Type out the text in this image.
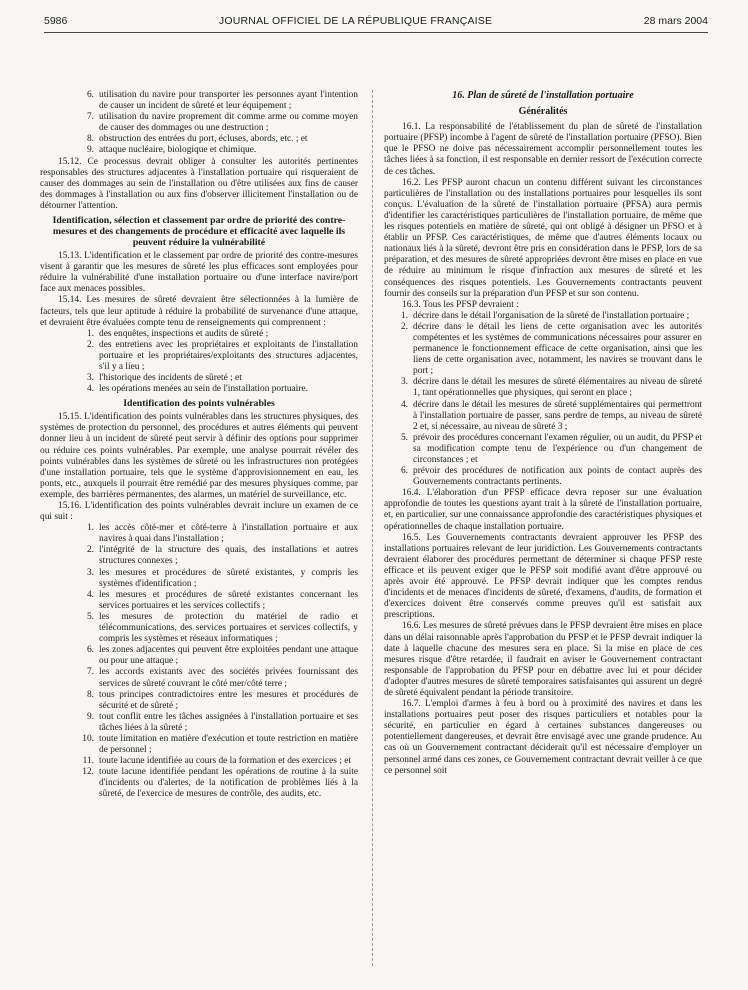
5986	JOURNAL OFFICIEL DE LA RÉPUBLIQUE FRANÇAISE	28 mars 2004
6. utilisation du navire pour transporter les personnes ayant l'intention de causer un incident de sûreté et leur équipement ;
7. utilisation du navire proprement dit comme arme ou comme moyen de causer des dommages ou une destruction ;
8. obstruction des entrées du port, écluses, abords, etc. ; et
9. attaque nucléaire, biologique et chimique.

15.12. Ce processus devrait obliger à consulter les autorités pertinentes responsables des structures adjacentes à l'installation portuaire qui risqueraient de causer des dommages au sein de l'installation ou d'être utilisées aux fins de causer des dommages à l'installation ou aux fins d'observer illicitement l'installation ou de détourner l'attention.

Identification, sélection et classement par ordre de priorité des contre-mesures et des changements de procédure et efficacité avec laquelle ils peuvent réduire la vulnérabilité

15.13. L'identification et le classement par ordre de priorité des contre-mesures visent à garantir que les mesures de sûreté les plus efficaces sont employées pour réduire la vulnérabilité d'une installation portuaire ou d'une interface navire/port face aux menaces possibles.

15.14. Les mesures de sûreté devraient être sélectionnées à la lumière de facteurs, tels que leur aptitude à réduire la probabilité de survenance d'une attaque, et devraient être évaluées compte tenu de renseignements qui comprennent :

1. des enquêtes, inspections et audits de sûreté ;
2. des entretiens avec les propriétaires et exploitants de l'installation portuaire et les propriétaires/exploitants des structures adjacentes, s'il y a lieu ;
3. l'historique des incidents de sûreté ; et
4. les opérations menées au sein de l'installation portuaire.
Identification des points vulnérables

15.15. L'identification des points vulnérables dans les structures physiques, des systèmes de protection du personnel, des procédures et autres éléments qui peuvent donner lieu à un incident de sûreté peut servir à définir des options pour supprimer ou réduire ces points vulnérables. Par exemple, une analyse pourrait révéler des points vulnérables dans les systèmes de sûreté ou les infrastructures non protégées d'une installation portuaire, tels que le système d'approvisionnement en eau, les ponts, etc., auxquels il pourrait être remédié par des mesures physiques comme, par exemple, des barrières permanentes, des alarmes, un matériel de surveillance, etc.

15.16. L'identification des points vulnérables devrait inclure un examen de ce qui suit :

1. les accès côté-mer et côté-terre à l'installation portuaire et aux navires à quai dans l'installation ;
2. l'intégrité de la structure des quais, des installations et autres structures connexes ;
3. les mesures et procédures de sûreté existantes, y compris les systèmes d'identification ;
4. les mesures et procédures de sûreté existantes concernant les services portuaires et les services collectifs ;
5. les mesures de protection du matériel de radio et télécommunications, des services portuaires et services collectifs, y compris les systèmes et réseaux informatiques ;
6. les zones adjacentes qui peuvent être exploitées pendant une attaque ou pour une attaque ;
7. les accords existants avec des sociétés privées fournissant des services de sûreté couvrant le côté mer/côté terre ;
8. tous principes contradictoires entre les mesures et procédures de sécurité et de sûreté ;
9. tout conflit entre les tâches assignées à l'installation portuaire et ses tâches liées à la sûreté ;
10. toute limitation en matière d'exécution et toute restriction en matière de personnel ;
11. toute lacune identifiée au cours de la formation et des exercices ; et
12. toute lacune identifiée pendant les opérations de routine à la suite d'incidents ou d'alertes, de la notification de problèmes liés à la sûreté, de l'exercice de mesures de contrôle, des audits, etc.
16. Plan de sûreté de l'installation portuaire
Généralités

16.1. La responsabilité de l'établissement du plan de sûreté de l'installation portuaire (PFSP) incombe à l'agent de sûreté de l'installation portuaire (PFSO). Bien que le PFSO ne doive pas nécessairement accomplir personnellement toutes les tâches liées à sa fonction, il est responsable en dernier ressort de l'exécution correcte de ces tâches.

16.2. Les PFSP auront chacun un contenu différent suivant les circonstances particulières de l'installation ou des installations portuaires pour lesquelles ils sont conçus. L'évaluation de la sûreté de l'installation portuaire (PFSA) aura permis d'identifier les caractéristiques particulières de l'installation portuaire, de même que les risques potentiels en matière de sûreté, qui ont obligé à désigner un PFSO et à établir un PFSP. Ces caractéristiques, de même que d'autres éléments locaux ou nationaux liés à la sûreté, devront être pris en considération dans le PFSP, lors de sa préparation, et des mesures de sûreté appropriées devront être mises en place en vue de réduire au minimum le risque d'infraction aux mesures de sûreté et les conséquences des risques potentiels. Les Gouvernements contractants peuvent fournir des conseils sur la préparation d'un PFSP et sur son contenu.

16.3. Tous les PFSP devraient :

1. décrire dans le détail l'organisation de la sûreté de l'installation portuaire ;
2. décrire dans le détail les liens de cette organisation avec les autorités compétentes et les systèmes de communications nécessaires pour assurer en permanence le fonctionnement efficace de cette organisation, ainsi que les liens de cette organisation avec, notamment, les navires se trouvant dans le port ;
3. décrire dans le détail les mesures de sûreté élémentaires au niveau de sûreté 1, tant opérationnelles que physiques, qui seront en place ;
4. décrire dans le détail les mesures de sûreté supplémentaires qui permettront à l'installation portuaire de passer, sans perdre de temps, au niveau de sûreté 2 et, si nécessaire, au niveau de sûreté 3 ;
5. prévoir des procédures concernant l'examen régulier, ou un audit, du PFSP et sa modification compte tenu de l'expérience ou d'un changement de circonstances ; et
6. prévoir des procédures de notification aux points de contact auprès des Gouvernements contractants pertinents.

16.4. L'élaboration d'un PFSP efficace devra reposer sur une évaluation approfondie de toutes les questions ayant trait à la sûreté de l'installation portuaire, et, en particulier, sur une connaissance approfondie des caractéristiques physiques et opérationnelles de chaque installation portuaire.

16.5. Les Gouvernements contractants devraient approuver les PFSP des installations portuaires relevant de leur juridiction. Les Gouvernements contractants devraient élaborer des procédures permettant de déterminer si chaque PFSP reste efficace et ils peuvent exiger que le PFSP soit modifié avant d'être approuvé ou après avoir été approuvé. Le PFSP devrait indiquer que les comptes rendus d'incidents et de menaces d'incidents de sûreté, d'examens, d'audits, de formation et d'exercices doivent être conservés comme preuves qu'il est satisfait aux prescriptions.

16.6. Les mesures de sûreté prévues dans le PFSP devraient être mises en place dans un délai raisonnable après l'approbation du PFSP et le PFSP devrait indiquer la date à laquelle chacune des mesures sera en place. Si la mise en place de ces mesures risque d'être retardée, il faudrait en aviser le Gouvernement contractant responsable de l'approbation du PFSP pour en débattre avec lui et pour décider d'adopter d'autres mesures de sûreté temporaires satisfaisantes qui assurent un degré de sûreté équivalent pendant la période transitoire.

16.7. L'emploi d'armes à feu à bord ou à proximité des navires et dans les installations portuaires peut poser des risques particuliers et notables pour la sécurité, en particulier en égard à certaines substances dangereuses ou potentiellement dangereuses, et devrait être envisagé avec une grande prudence. Au cas où un Gouvernement contractant déciderait qu'il est nécessaire d'employer un personnel armé dans ces zones, ce Gouvernement contractant devrait veiller à ce que ce personnel soit
